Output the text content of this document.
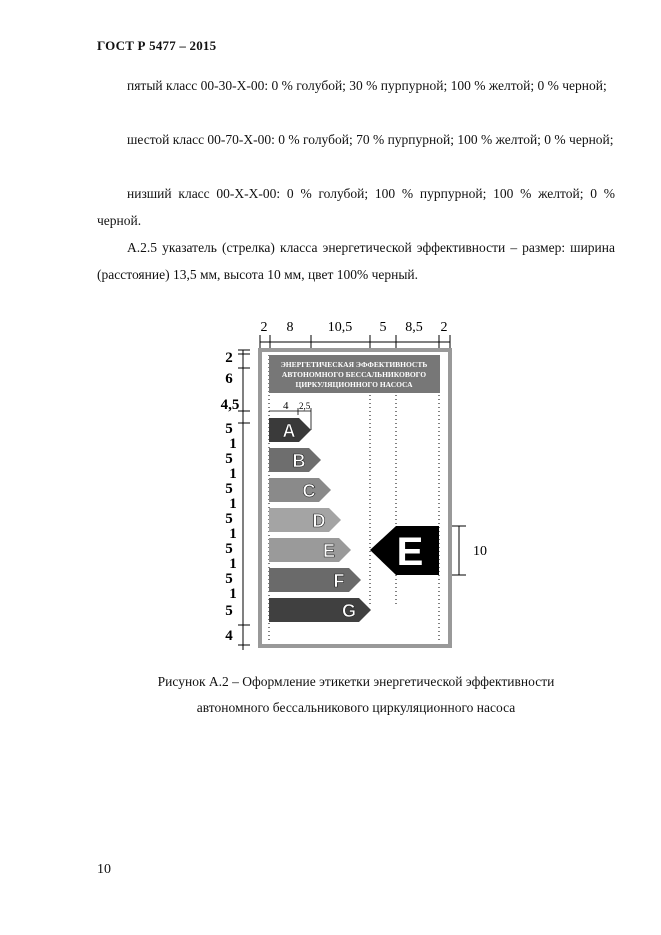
ГОСТ Р 5477 – 2015
пятый класс 00-30-Х-00: 0 % голубой; 30 % пурпурной; 100 % желтой; 0 % черной;
шестой класс 00-70-Х-00: 0 % голубой; 70 % пурпурной; 100 % желтой; 0 % черной;
низший класс 00-Х-Х-00: 0 % голубой; 100 % пурпурной; 100 % желтой; 0 % черной.
А.2.5 указатель (стрелка) класса энергетической эффективности – размер: ширина (расстояние) 13,5 мм, высота 10 мм, цвет 100% черный.
2 8 10,5 5 8,5 2
2
6
4,5
5
1
5
1
5
1
5
1
5
1
5
1
5
4
ЭНЕРГЕТИЧЕСКАЯ ЭФФЕКТИВНОСТЬ
АВТОНОМНОГО БЕССАЛЬНИКОВОГО
ЦИРКУЛЯЦИОННОГО НАСОСА
4 2,5
A
B
C
D
E
F
G
E	10
Рисунок А.2 – Оформление этикетки энергетической эффективности
автономного бессальникового циркуляционного насоса
10
